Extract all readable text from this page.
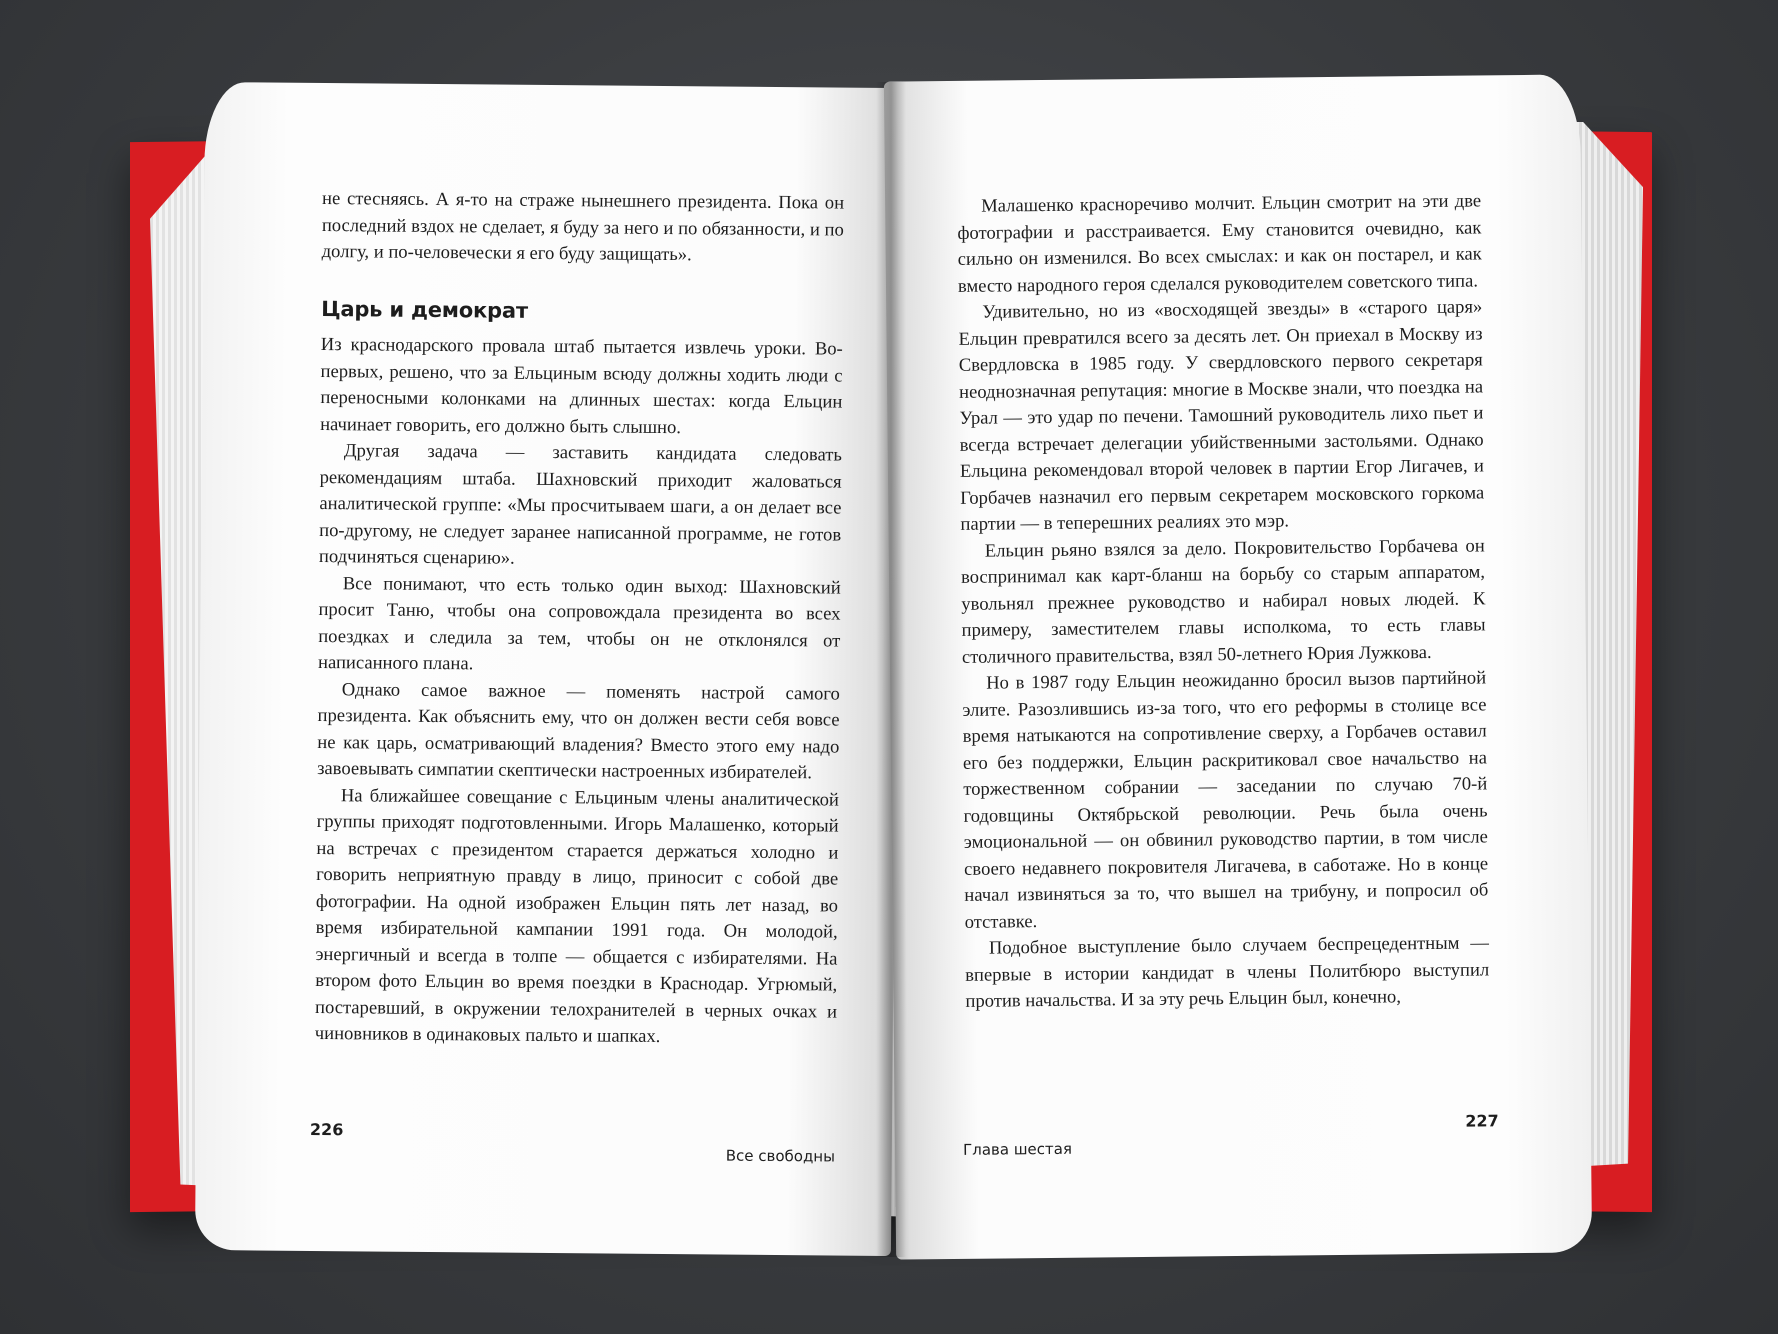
не стесняясь. А я-то на страже нынешнего президента. Пока он последний вздох не сделает, я буду за него и по обязанности, и по долгу, и по-человечески я его буду защищать».

Царь и демократ

Из краснодарского провала штаб пытается извлечь уроки. Во-первых, решено, что за Ельциным всюду должны ходить люди с переносными колонками на длинных шестах: когда Ельцин начинает говорить, его должно быть слышно.

Другая задача — заставить кандидата следовать рекомендациям штаба. Шахновский приходит жаловаться аналитической группе: «Мы просчитываем шаги, а он делает все по-другому, не следует заранее написанной программе, не готов подчиняться сценарию».

Все понимают, что есть только один выход: Шахновский просит Таню, чтобы она сопровождала президента во всех поездках и следила за тем, чтобы он не отклонялся от написанного плана.

Однако самое важное — поменять настрой самого президента. Как объяснить ему, что он должен вести себя вовсе не как царь, осматривающий владения? Вместо этого ему надо завоевывать симпатии скептически настроенных избирателей.

На ближайшее совещание с Ельциным члены аналитической группы приходят подготовленными. Игорь Малашенко, который на встречах с президентом старается держаться холодно и говорить неприятную правду в лицо, приносит с собой две фотографии. На одной изображен Ельцин пять лет назад, во время избирательной кампании 1991 года. Он молодой, энергичный и всегда в толпе — общается с избирателями. На втором фото Ельцин во время поездки в Краснодар. Угрюмый, постаревший, в окружении телохранителей в черных очках и чиновников в одинаковых пальто и шапках.

226
Все свободны

Малашенко красноречиво молчит. Ельцин смотрит на эти две фотографии и расстраивается. Ему становится очевидно, как сильно он изменился. Во всех смыслах: и как он постарел, и как вместо народного героя сделался руководителем советского типа.

Удивительно, но из «восходящей звезды» в «старого царя» Ельцин превратился всего за десять лет. Он приехал в Москву из Свердловска в 1985 году. У свердловского первого секретаря неоднозначная репутация: многие в Москве знали, что поездка на Урал — это удар по печени. Тамошний руководитель лихо пьет и всегда встречает делегации убийственными застольями. Однако Ельцина рекомендовал второй человек в партии Егор Лигачев, и Горбачев назначил его первым секретарем московского горкома партии — в теперешних реалиях это мэр.

Ельцин рьяно взялся за дело. Покровительство Горбачева он воспринимал как карт-бланш на борьбу со старым аппаратом, увольнял прежнее руководство и набирал новых людей. К примеру, заместителем главы исполкома, то есть главы столичного правительства, взял 50-летнего Юрия Лужкова.

Но в 1987 году Ельцин неожиданно бросил вызов партийной элите. Разозлившись из-за того, что его реформы в столице все время натыкаются на сопротивление сверху, а Горбачев оставил его без поддержки, Ельцин раскритиковал свое начальство на торжественном собрании — заседании по случаю 70-й годовщины Октябрьской революции. Речь была очень эмоциональной — он обвинил руководство партии, в том числе своего недавнего покровителя Лигачева, в саботаже. Но в конце начал извиняться за то, что вышел на трибуну, и попросил об отставке.

Подобное выступление было случаем беспрецедентным — впервые в истории кандидат в члены Политбюро выступил против начальства. И за эту речь Ельцин был, конечно,

227
Глава шестая
